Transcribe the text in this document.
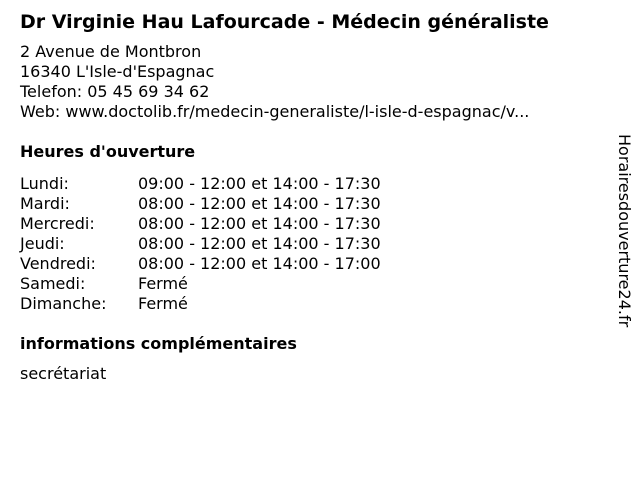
Dr Virginie Hau Lafourcade - Médecin généraliste
2 Avenue de Montbron
16340 L'Isle-d'Espagnac
Telefon: 05 45 69 34 62
Web: www.doctolib.fr/medecin-generaliste/l-isle-d-espagnac/v...
Heures d'ouverture
Lundi:	09:00 - 12:00 et 14:00 - 17:30
Mardi:	08:00 - 12:00 et 14:00 - 17:30
Mercredi:	08:00 - 12:00 et 14:00 - 17:30
Jeudi:	08:00 - 12:00 et 14:00 - 17:30
Vendredi:	08:00 - 12:00 et 14:00 - 17:00
Samedi:	Fermé
Dimanche:	Fermé
informations complémentaires
secrétariat
Horairesdouverture24.fr
